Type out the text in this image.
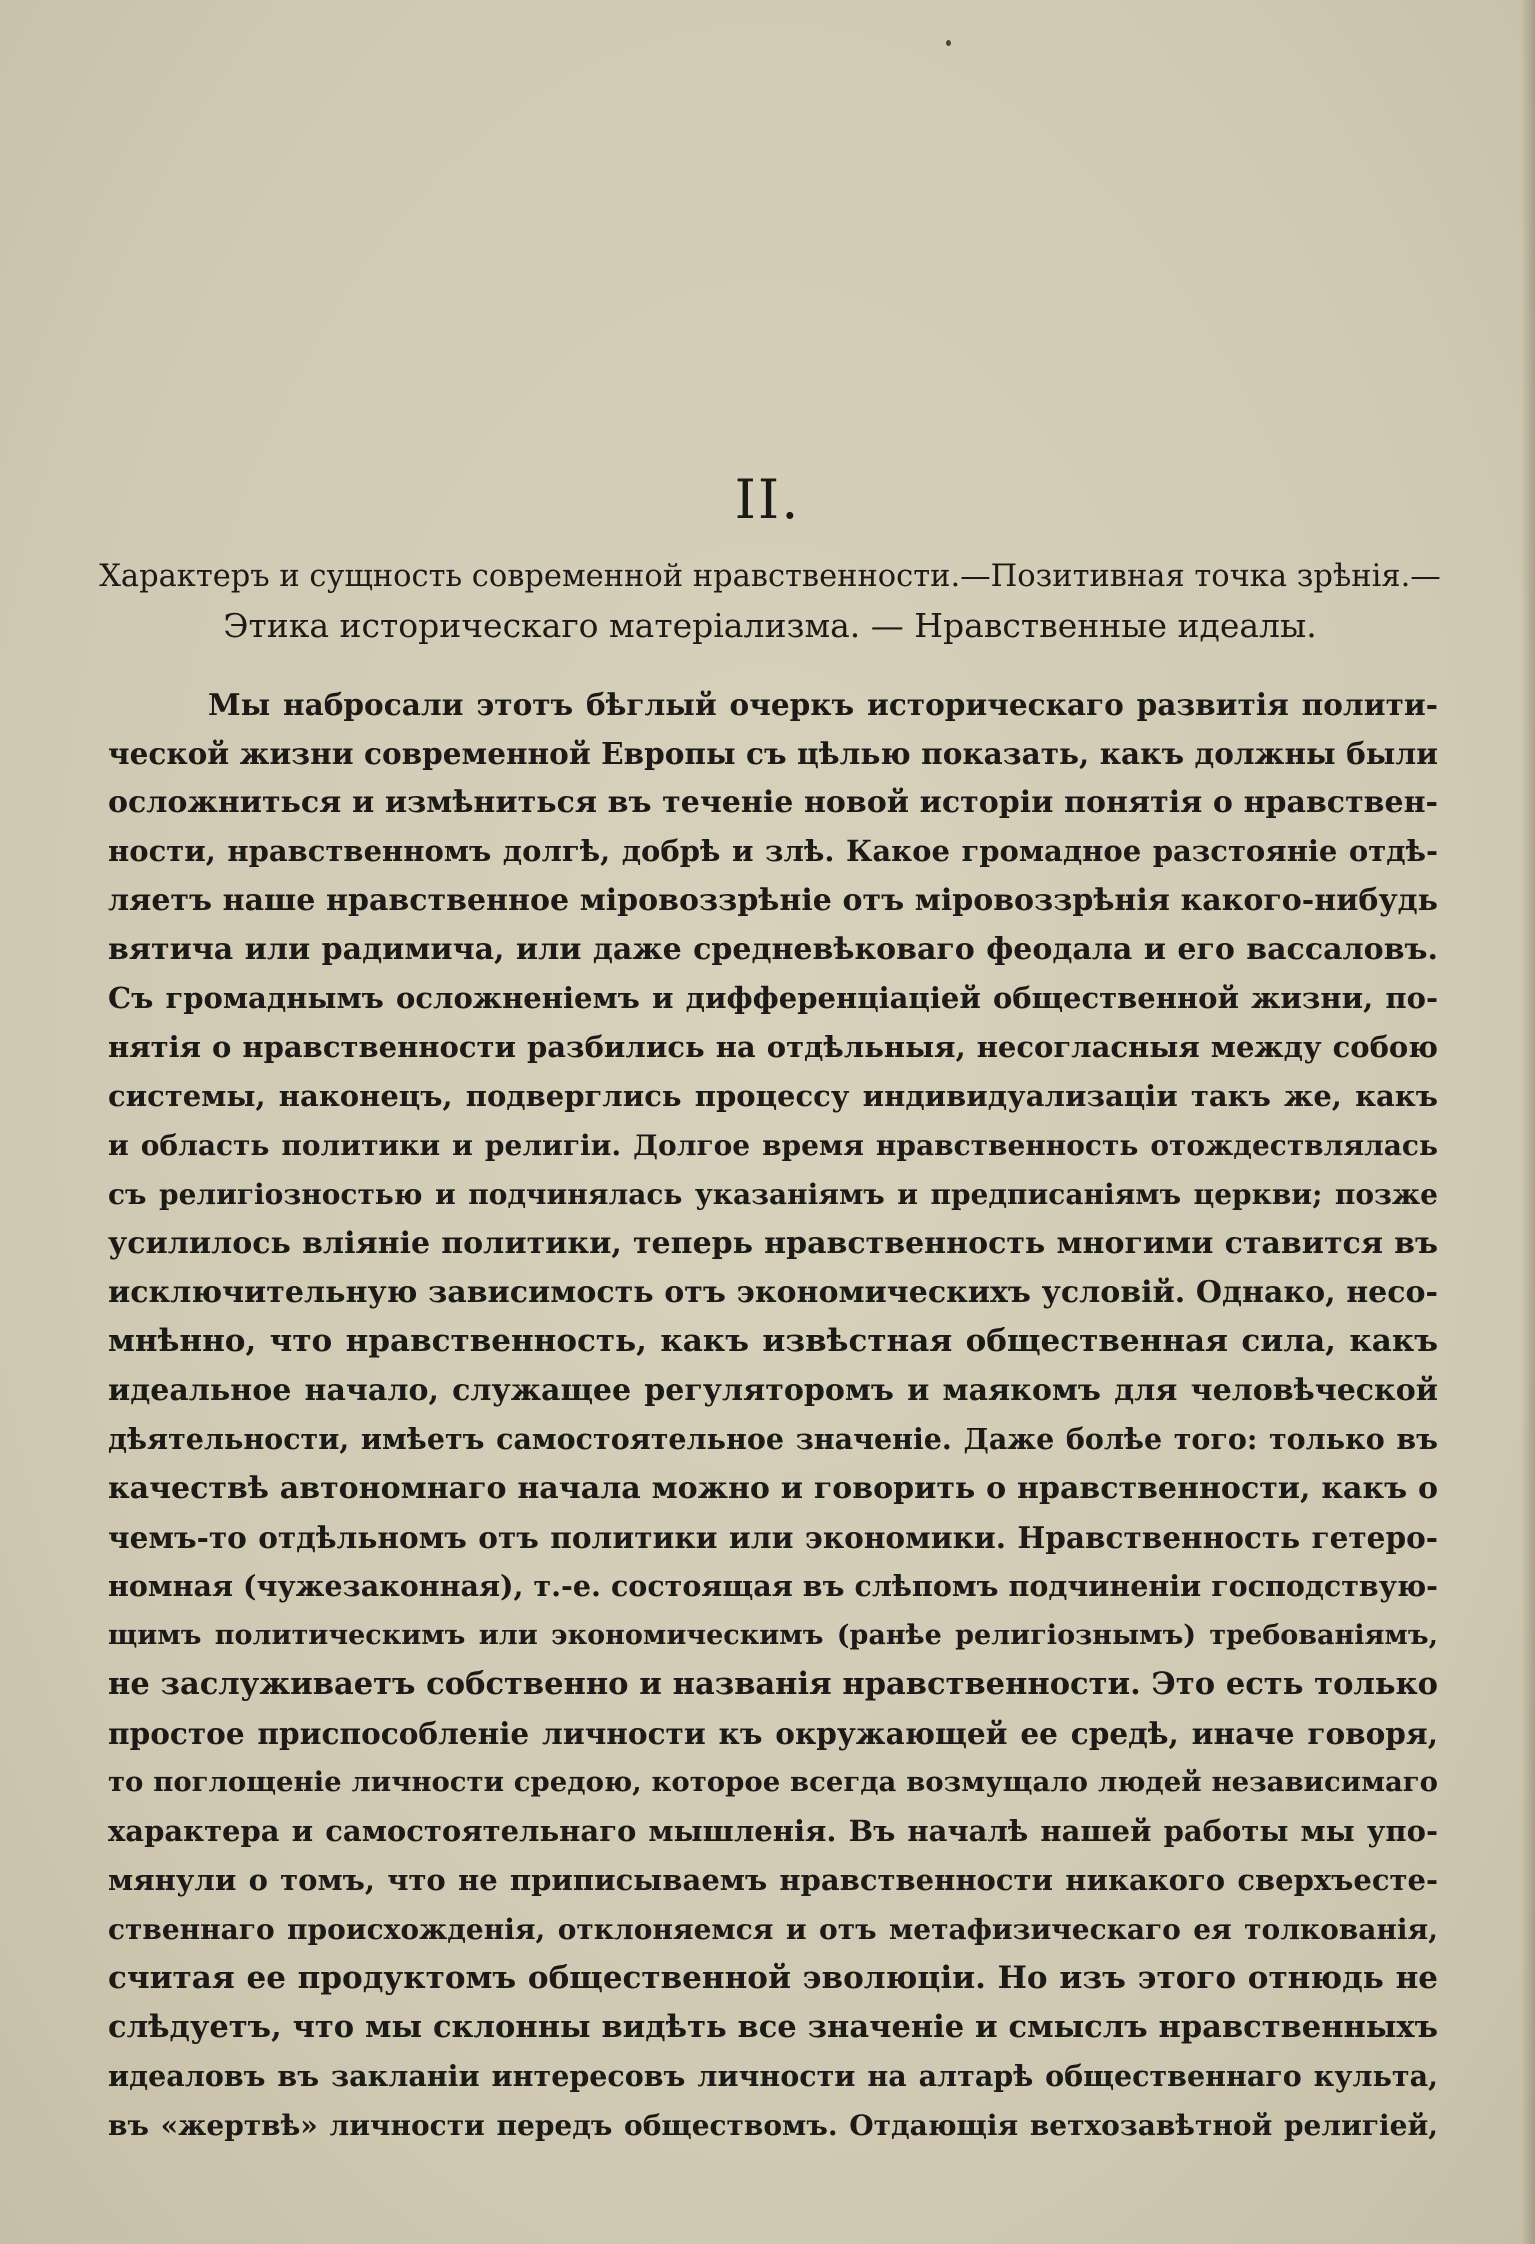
II.
Характеръ и сущность современной нравственности.—Позитивная точка зрѣнія.—
Этика историческаго матеріализма. — Нравственные идеалы.
Мы набросали этотъ бѣглый очеркъ историческаго развитія полити-
ческой жизни современной Европы съ цѣлью показать, какъ должны были
осложниться и измѣниться въ теченіе новой исторіи понятія о нравствен-
ности, нравственномъ долгѣ, добрѣ и злѣ. Какое громадное разстояніе отдѣ-
ляетъ наше нравственное міровоззрѣніе отъ міровоззрѣнія какого-нибудь
вятича или радимича, или даже средневѣковаго феодала и его вассаловъ.
Съ громаднымъ осложненіемъ и дифференціацiей общественной жизни, по-
нятія о нравственности разбились на отдѣльныя, несогласныя между собою
системы, наконецъ, подверглись процессу индивидуализаціи такъ же, какъ
и область политики и религіи. Долгое время нравственность отождествлялась
съ религіозностью и подчинялась указаніямъ и предписаніямъ церкви; позже
усилилось вліяніе политики, теперь нравственность многими ставится въ
исключительную зависимость отъ экономическихъ условій. Однако, несо-
мнѣнно, что нравственность, какъ извѣстная общественная сила, какъ
идеальное начало, служащее регуляторомъ и маякомъ для человѣческой
дѣятельности, имѣетъ самостоятельное значеніе. Даже болѣе того: только въ
качествѣ автономнаго начала можно и говорить о нравственности, какъ о
чемъ-то отдѣльномъ отъ политики или экономики. Нравственность гетеро-
номная (чужезаконная), т.-е. состоящая въ слѣпомъ подчиненіи господствую-
щимъ политическимъ или экономическимъ (ранѣе религіознымъ) требованіямъ,
не заслуживаетъ собственно и названія нравственности. Это есть только
простое приспособленіе личности къ окружающей ее средѣ, иначе говоря,
то поглощеніе личности средою, которое всегда возмущало людей независимаго
характера и самостоятельнаго мышленія. Въ началѣ нашей работы мы упо-
мянули о томъ, что не приписываемъ нравственности никакого сверхъесте-
ственнаго происхожденія, отклоняемся и отъ метафизическаго ея толкованія,
считая ее продуктомъ общественной эволюціи. Но изъ этого отнюдь не
слѣдуетъ, что мы склонны видѣть все значеніе и смыслъ нравственныхъ
идеаловъ въ закланіи интересовъ личности на алтарѣ общественнаго культа,
въ «жертвѣ» личности передъ обществомъ. Отдающія ветхозавѣтной религіей,
